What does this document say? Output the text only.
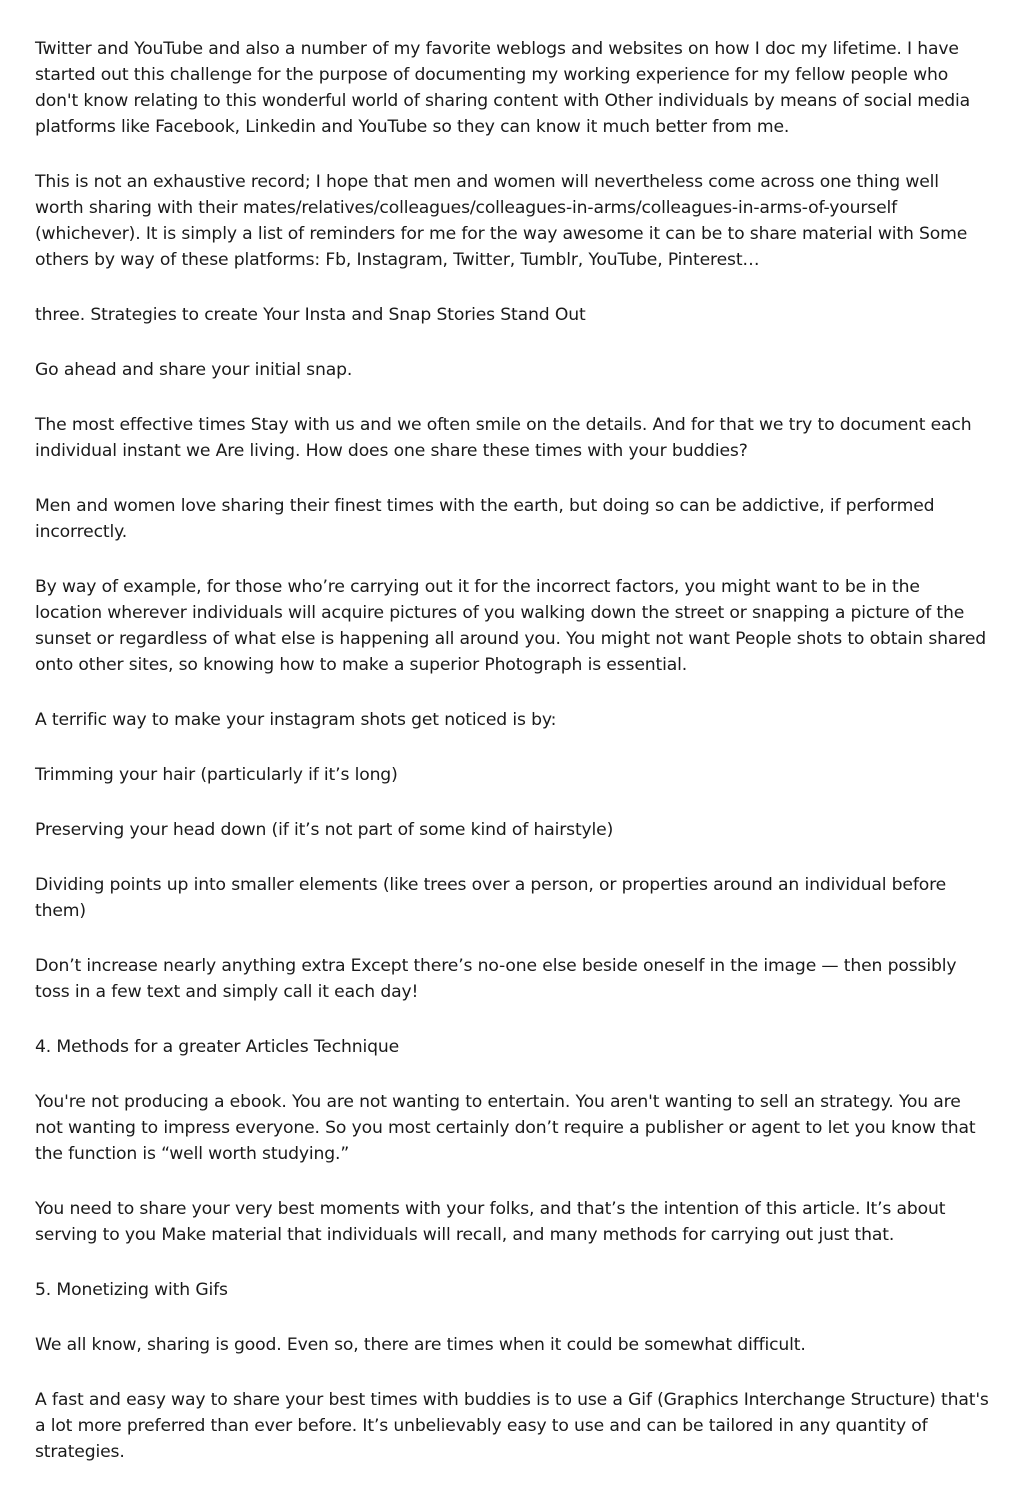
Twitter and YouTube and also a number of my favorite weblogs and websites on how I doc my lifetime. I have started out this challenge for the purpose of documenting my working experience for my fellow people who don't know relating to this wonderful world of sharing content with Other individuals by means of social media platforms like Facebook, Linkedin and YouTube so they can know it much better from me.

This is not an exhaustive record; I hope that men and women will nevertheless come across one thing well worth sharing with their mates/relatives/colleagues/colleagues-in-arms/colleagues-in-arms-of-yourself (whichever). It is simply a list of reminders for me for the way awesome it can be to share material with Some others by way of these platforms: Fb, Instagram, Twitter, Tumblr, YouTube, Pinterest…

three. Strategies to create Your Insta and Snap Stories Stand Out

Go ahead and share your initial snap.

The most effective times Stay with us and we often smile on the details. And for that we try to document each individual instant we Are living. How does one share these times with your buddies?

Men and women love sharing their finest times with the earth, but doing so can be addictive, if performed incorrectly.

By way of example, for those who’re carrying out it for the incorrect factors, you might want to be in the location wherever individuals will acquire pictures of you walking down the street or snapping a picture of the sunset or regardless of what else is happening all around you. You might not want People shots to obtain shared onto other sites, so knowing how to make a superior Photograph is essential.

A terrific way to make your instagram shots get noticed is by:

Trimming your hair (particularly if it’s long)

Preserving your head down (if it’s not part of some kind of hairstyle)

Dividing points up into smaller elements (like trees over a person, or properties around an individual before them)

Don’t increase nearly anything extra Except there’s no-one else beside oneself in the image — then possibly toss in a few text and simply call it each day!

4. Methods for a greater Articles Technique

You're not producing a ebook. You are not wanting to entertain. You aren't wanting to sell an strategy. You are not wanting to impress everyone. So you most certainly don’t require a publisher or agent to let you know that the function is “well worth studying.”

You need to share your very best moments with your folks, and that’s the intention of this article. It’s about serving to you Make material that individuals will recall, and many methods for carrying out just that.

5. Monetizing with Gifs

We all know, sharing is good. Even so, there are times when it could be somewhat difficult.

A fast and easy way to share your best times with buddies is to use a Gif (Graphics Interchange Structure) that's a lot more preferred than ever before. It’s unbelievably easy to use and can be tailored in any quantity of strategies.
